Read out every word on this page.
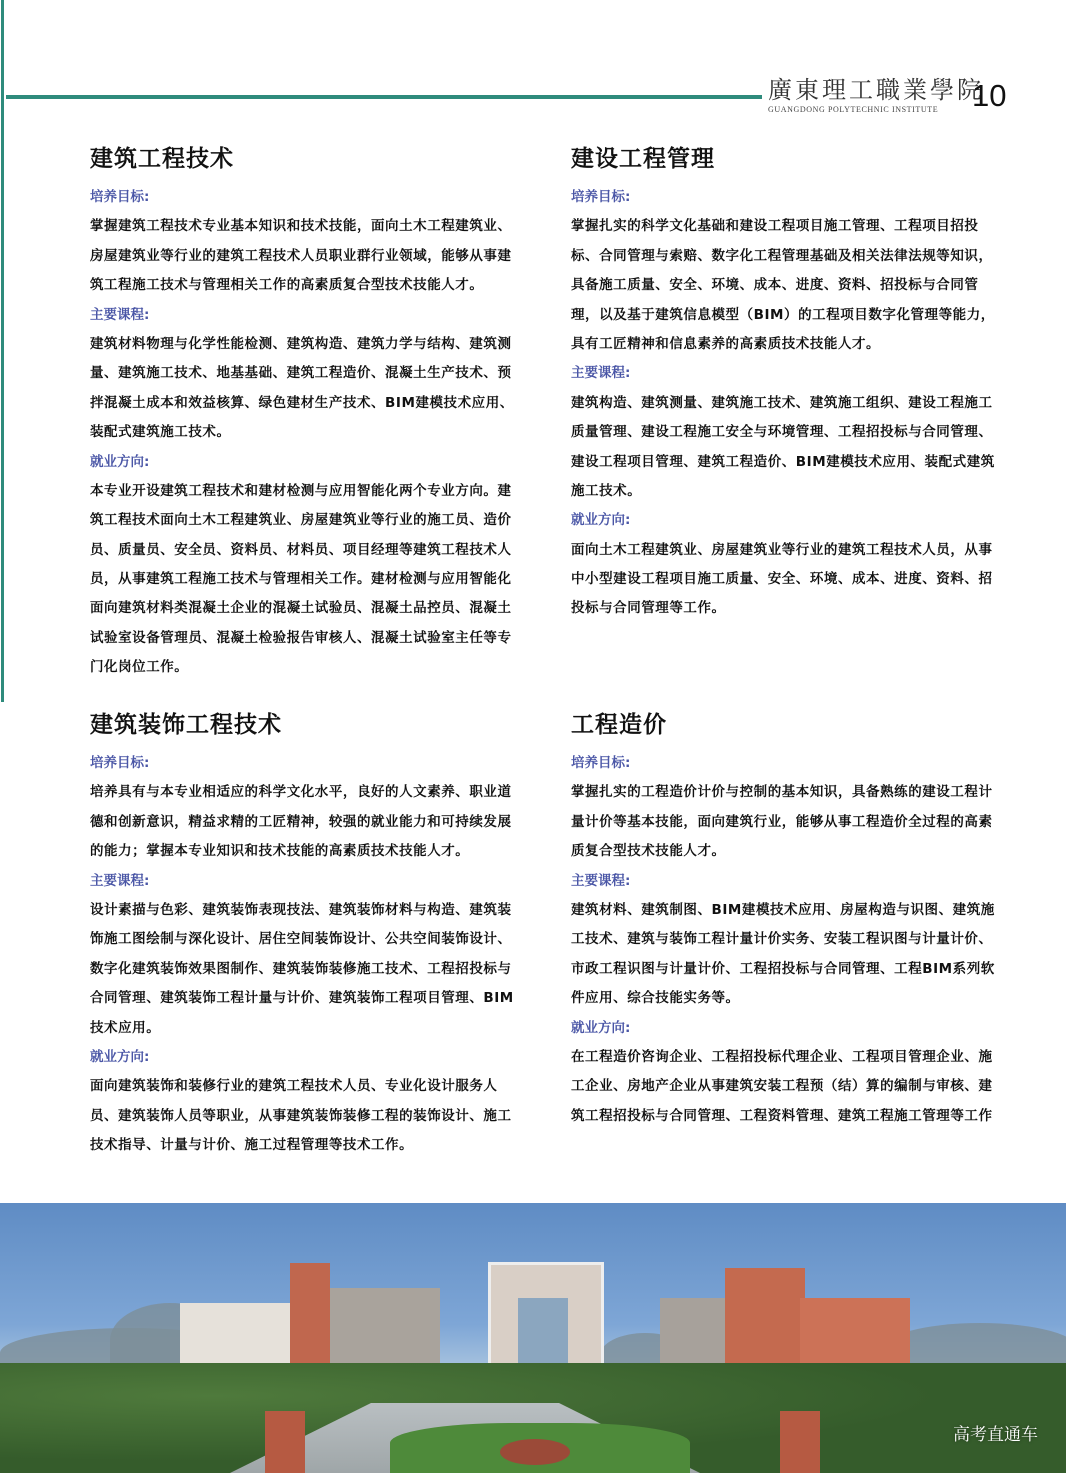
廣東理工職業學院
GUANGDONG POLYTECHNIC INSTITUTE	10
建筑工程技术
培养目标:
掌握建筑工程技术专业基本知识和技术技能，面向土木工程建筑业、
房屋建筑业等行业的建筑工程技术人员职业群行业领域，能够从事建
筑工程施工技术与管理相关工作的高素质复合型技术技能人才。
主要课程:
建筑材料物理与化学性能检测、建筑构造、建筑力学与结构、建筑测
量、建筑施工技术、地基基础、建筑工程造价、混凝土生产技术、预
拌混凝土成本和效益核算、绿色建材生产技术、BIM建模技术应用、
装配式建筑施工技术。
就业方向:
本专业开设建筑工程技术和建材检测与应用智能化两个专业方向。建
筑工程技术面向土木工程建筑业、房屋建筑业等行业的施工员、造价
员、质量员、安全员、资料员、材料员、项目经理等建筑工程技术人
员，从事建筑工程施工技术与管理相关工作。建材检测与应用智能化
面向建筑材料类混凝土企业的混凝土试验员、混凝土品控员、混凝土
试验室设备管理员、混凝土检验报告审核人、混凝土试验室主任等专
门化岗位工作。
建设工程管理
培养目标:
掌握扎实的科学文化基础和建设工程项目施工管理、工程项目招投
标、合同管理与索赔、数字化工程管理基础及相关法律法规等知识，
具备施工质量、安全、环境、成本、进度、资料、招投标与合同管
理，以及基于建筑信息模型（BIM）的工程项目数字化管理等能力，
具有工匠精神和信息素养的高素质技术技能人才。
主要课程:
建筑构造、建筑测量、建筑施工技术、建筑施工组织、建设工程施工
质量管理、建设工程施工安全与环境管理、工程招投标与合同管理、
建设工程项目管理、建筑工程造价、BIM建模技术应用、装配式建筑
施工技术。
就业方向:
面向土木工程建筑业、房屋建筑业等行业的建筑工程技术人员，从事
中小型建设工程项目施工质量、安全、环境、成本、进度、资料、招
投标与合同管理等工作。
建筑装饰工程技术
培养目标:
培养具有与本专业相适应的科学文化水平，良好的人文素养、职业道
德和创新意识，精益求精的工匠精神，较强的就业能力和可持续发展
的能力；掌握本专业知识和技术技能的高素质技术技能人才。
主要课程:
设计素描与色彩、建筑装饰表现技法、建筑装饰材料与构造、建筑装
饰施工图绘制与深化设计、居住空间装饰设计、公共空间装饰设计、
数字化建筑装饰效果图制作、建筑装饰装修施工技术、工程招投标与
合同管理、建筑装饰工程计量与计价、建筑装饰工程项目管理、BIM
技术应用。
就业方向:
面向建筑装饰和装修行业的建筑工程技术人员、专业化设计服务人
员、建筑装饰人员等职业，从事建筑装饰装修工程的装饰设计、施工
技术指导、计量与计价、施工过程管理等技术工作。
工程造价
培养目标:
掌握扎实的工程造价计价与控制的基本知识，具备熟练的建设工程计
量计价等基本技能，面向建筑行业，能够从事工程造价全过程的高素
质复合型技术技能人才。
主要课程:
建筑材料、建筑制图、BIM建模技术应用、房屋构造与识图、建筑施
工技术、建筑与装饰工程计量计价实务、安装工程识图与计量计价、
市政工程识图与计量计价、工程招投标与合同管理、工程BIM系列软
件应用、综合技能实务等。
就业方向:
在工程造价咨询企业、工程招投标代理企业、工程项目管理企业、施
工企业、房地产企业从事建筑安装工程预（结）算的编制与审核、建
筑工程招投标与合同管理、工程资料管理、建筑工程施工管理等工作
高考直通车
